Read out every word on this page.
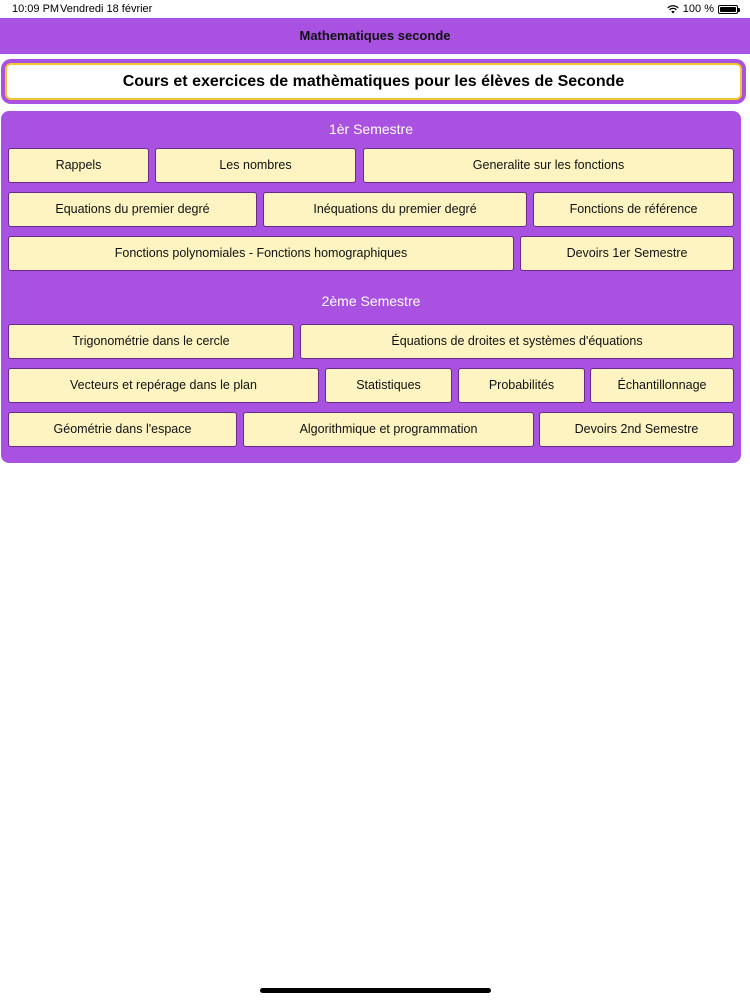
10:09 PM Vendredi 18 février	100 %
Mathematiques seconde
Cours et exercices de mathèmatiques pour les élèves de Seconde
1èr Semestre
Rappels	Les nombres	Generalite sur les fonctions
Equations du premier degré	Inéquations du premier degré	Fonctions de référence
Fonctions polynomiales - Fonctions homographiques	Devoirs 1er Semestre
2ème Semestre
Trigonométrie dans le cercle	Équations de droites et systèmes d'équations
Vecteurs et repérage dans le plan	Statistiques	Probabilités	Échantillonnage
Géométrie dans l'espace	Algorithmique et programmation	Devoirs 2nd Semestre
